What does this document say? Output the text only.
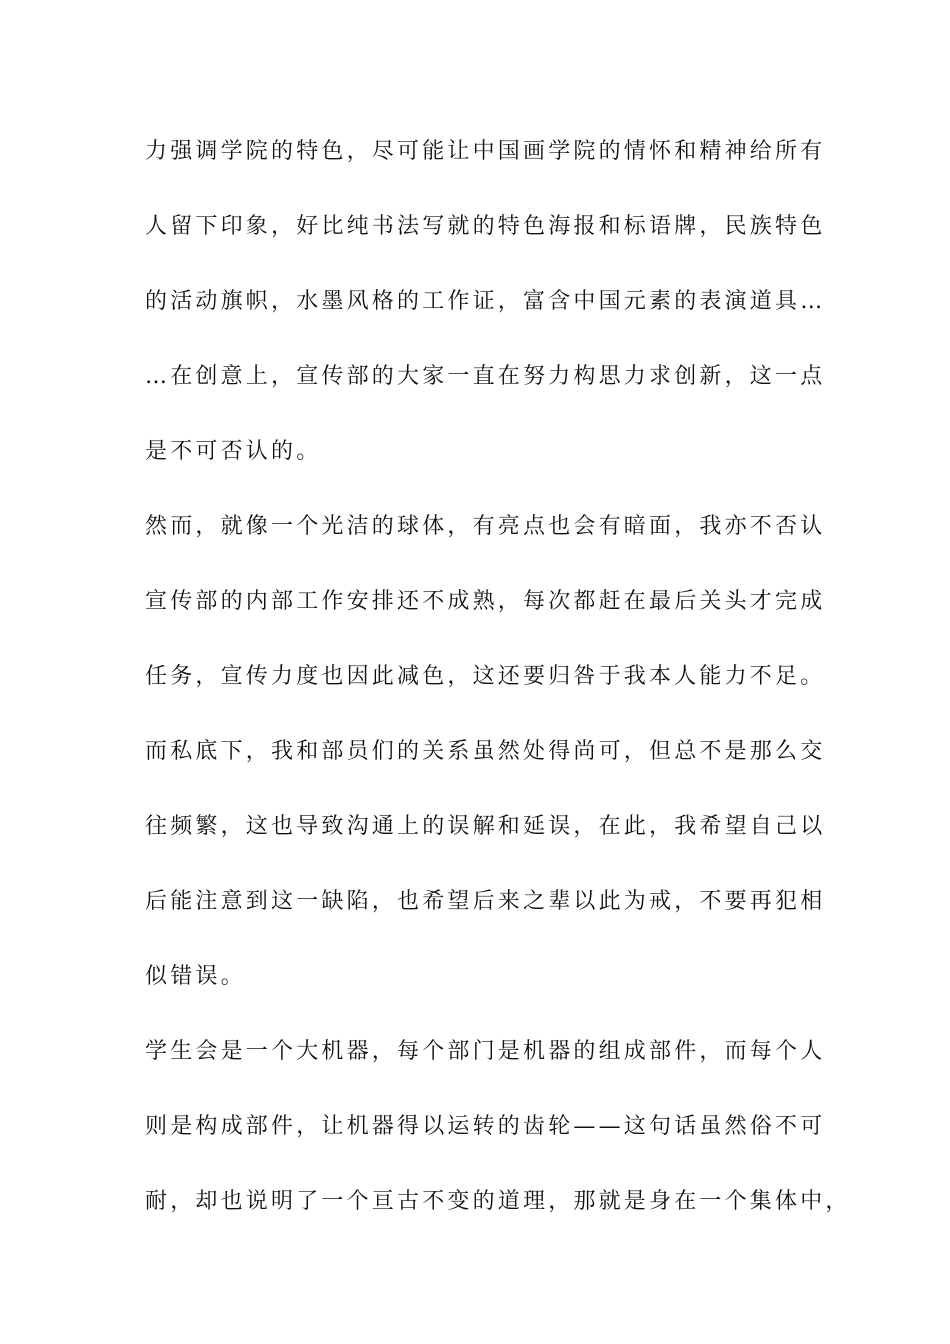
力强调学院的特色，尽可能让中国画学院的情怀和精神给所有
人留下印象，好比纯书法写就的特色海报和标语牌，民族特色
的活动旗帜，水墨风格的工作证，富含中国元素的表演道具…
…在创意上，宣传部的大家一直在努力构思力求创新，这一点
是不可否认的。
然而，就像一个光洁的球体，有亮点也会有暗面，我亦不否认
宣传部的内部工作安排还不成熟，每次都赶在最后关头才完成
任务，宣传力度也因此减色，这还要归咎于我本人能力不足。
而私底下，我和部员们的关系虽然处得尚可，但总不是那么交
往频繁，这也导致沟通上的误解和延误，在此，我希望自己以
后能注意到这一缺陷，也希望后来之辈以此为戒，不要再犯相
似错误。
学生会是一个大机器，每个部门是机器的组成部件，而每个人
则是构成部件，让机器得以运转的齿轮——这句话虽然俗不可
耐，却也说明了一个亘古不变的道理，那就是身在一个集体中，
